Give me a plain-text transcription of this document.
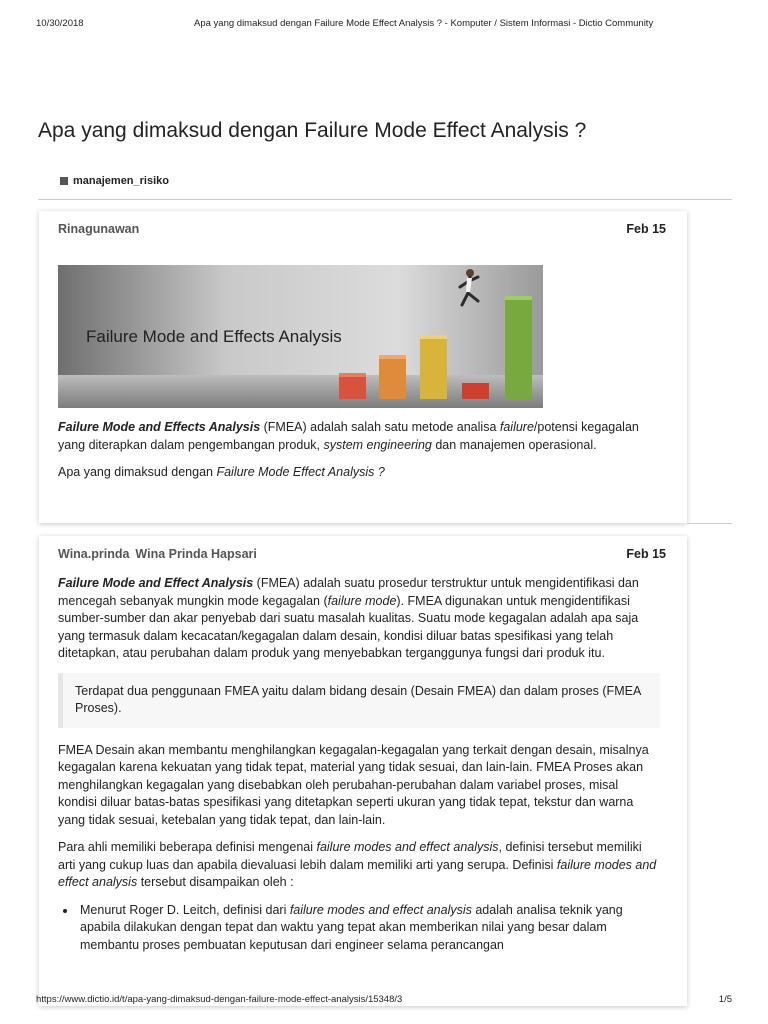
10/30/2018	Apa yang dimaksud dengan Failure Mode Effect Analysis ? - Komputer / Sistem Informasi - Dictio Community
Apa yang dimaksud dengan Failure Mode Effect Analysis ?
manajemen_risiko
Rinagunawan	Feb 15
Failure Mode and Effects Analysis

Failure Mode and Effects Analysis (FMEA) adalah salah satu metode analisa failure/potensi kegagalan yang diterapkan dalam pengembangan produk, system engineering dan manajemen operasional.

Apa yang dimaksud dengan Failure Mode Effect Analysis ?

Wina.prinda Wina Prinda Hapsari	Feb 15

Failure Mode and Effect Analysis (FMEA) adalah suatu prosedur terstruktur untuk mengidentifikasi dan mencegah sebanyak mungkin mode kegagalan (failure mode). FMEA digunakan untuk mengidentifikasi sumber-sumber dan akar penyebab dari suatu masalah kualitas. Suatu mode kegagalan adalah apa saja yang termasuk dalam kecacatan/kegagalan dalam desain, kondisi diluar batas spesifikasi yang telah ditetapkan, atau perubahan dalam produk yang menyebabkan terganggunya fungsi dari produk itu.

Terdapat dua penggunaan FMEA yaitu dalam bidang desain (Desain FMEA) dan dalam proses (FMEA Proses).

FMEA Desain akan membantu menghilangkan kegagalan-kegagalan yang terkait dengan desain, misalnya kegagalan karena kekuatan yang tidak tepat, material yang tidak sesuai, dan lain-lain. FMEA Proses akan menghilangkan kegagalan yang disebabkan oleh perubahan-perubahan dalam variabel proses, misal kondisi diluar batas-batas spesifikasi yang ditetapkan seperti ukuran yang tidak tepat, tekstur dan warna yang tidak sesuai, ketebalan yang tidak tepat, dan lain-lain.

Para ahli memiliki beberapa definisi mengenai failure modes and effect analysis, definisi tersebut memiliki arti yang cukup luas dan apabila dievaluasi lebih dalam memiliki arti yang serupa. Definisi failure modes and effect analysis tersebut disampaikan oleh :

• Menurut Roger D. Leitch, definisi dari failure modes and effect analysis adalah analisa teknik yang apabila dilakukan dengan tepat dan waktu yang tepat akan memberikan nilai yang besar dalam membantu proses pembuatan keputusan dari engineer selama perancangan
https://www.dictio.id/t/apa-yang-dimaksud-dengan-failure-mode-effect-analysis/15348/3	1/5
